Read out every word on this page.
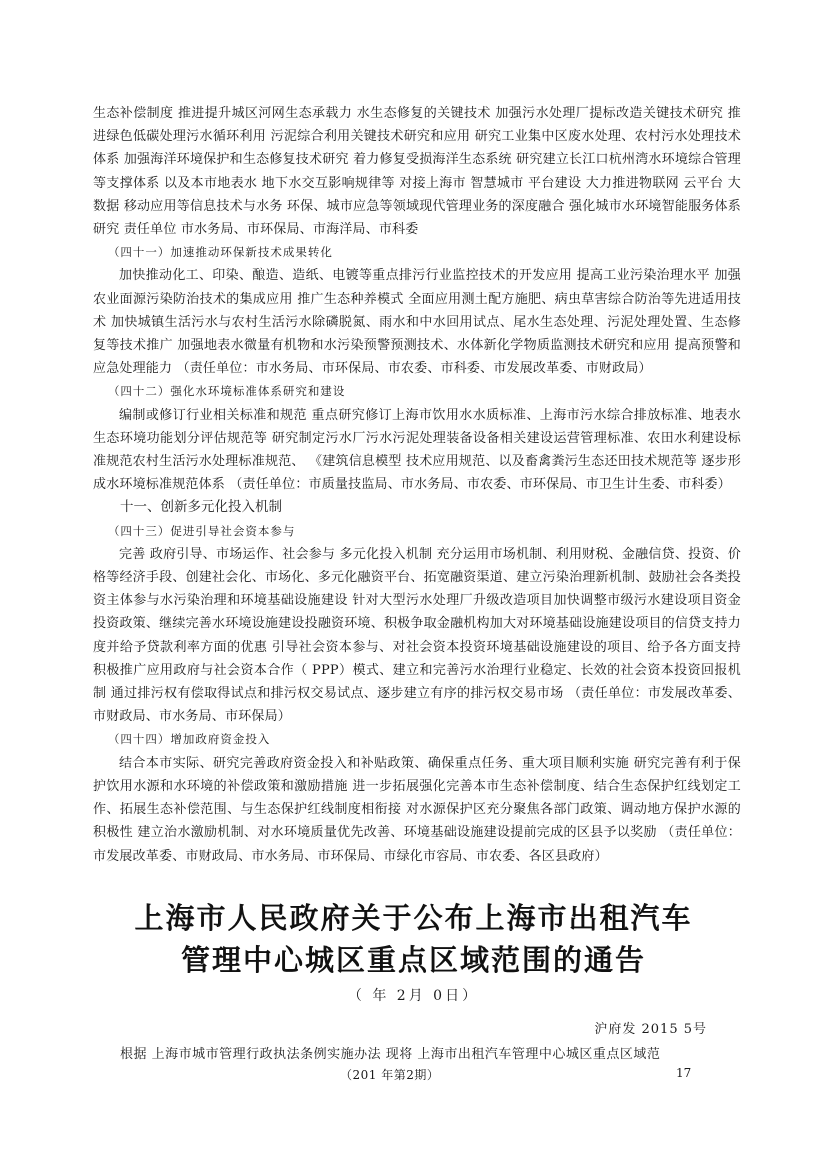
生态补偿制度 推进提升城区河网生态承载力 水生态修复的关键技术 加强污水处理厂提标改造关键技术研究 推进绿色低碳处理污水循环利用 污泥综合利用关键技术研究和应用 研究工业集中区废水处理、农村污水处理技术体系 加强海洋环境保护和生态修复技术研究 着力修复受损海洋生态系统 研究建立长江口杭州湾水环境综合管理等支撑体系 以及本市地表水 地下水交互影响规律等 对接上海市 智慧城市 平台建设 大力推进物联网 云平台 大数据 移动应用等信息技术与水务 环保、城市应急等领域现代管理业务的深度融合 强化城市水环境智能服务体系研究 责任单位 市水务局、市环保局、市海洋局、市科委

（四十一）加速推动环保新技术成果转化

加快推动化工、印染、酿造、造纸、电镀等重点排污行业监控技术的开发应用 提高工业污染治理水平 加强农业面源污染防治技术的集成应用 推广生态种养模式 全面应用测土配方施肥、病虫草害综合防治等先进适用技术 加快城镇生活污水与农村生活污水除磷脱氮、雨水和中水回用试点、尾水生态处理、污泥处理处置、生态修复等技术推广 加强地表水微量有机物和水污染预警预测技术、水体新化学物质监测技术研究和应用 提高预警和应急处理能力 （责任单位：市水务局、市环保局、市农委、市科委、市发展改革委、市财政局）

（四十二）强化水环境标准体系研究和建设

编制或修订行业相关标准和规范 重点研究修订上海市饮用水水质标准、上海市污水综合排放标准、地表水生态环境功能划分评估规范等 研究制定污水厂污水污泥处理装备设备相关建设运营管理标准、农田水利建设标准规范农村生活污水处理标准规范、 《建筑信息模型 技术应用规范、以及畜禽粪污生态还田技术规范等 逐步形成水环境标准规范体系 （责任单位：市质量技监局、市水务局、市农委、市环保局、市卫生计生委、市科委）

十一、创新多元化投入机制

（四十三）促进引导社会资本参与

完善 政府引导、市场运作、社会参与 多元化投入机制 充分运用市场机制、利用财税、金融信贷、投资、价格等经济手段、创建社会化、市场化、多元化融资平台、拓宽融资渠道、建立污染治理新机制、鼓励社会各类投资主体参与水污染治理和环境基础设施建设 针对大型污水处理厂升级改造项目加快调整市级污水建设项目资金投资政策、继续完善水环境设施建设投融资环境、积极争取金融机构加大对环境基础设施建设项目的信贷支持力度并给予贷款利率方面的优惠 引导社会资本参与、对社会资本投资环境基础设施建设的项目、给予各方面支持 积极推广应用政府与社会资本合作（ PPP）模式、建立和完善污水治理行业稳定、长效的社会资本投资回报机制 通过排污权有偿取得试点和排污权交易试点、逐步建立有序的排污权交易市场 （责任单位：市发展改革委、市财政局、市水务局、市环保局）

（四十四）增加政府资金投入

结合本市实际、研究完善政府资金投入和补贴政策、确保重点任务、重大项目顺利实施 研究完善有利于保护饮用水源和水环境的补偿政策和激励措施 进一步拓展强化完善本市生态补偿制度、结合生态保护红线划定工作、拓展生态补偿范围、与生态保护红线制度相衔接 对水源保护区充分聚焦各部门政策、调动地方保护水源的积极性 建立治水激励机制、对水环境质量优先改善、环境基础设施建设提前完成的区县予以奖励 （责任单位：市发展改革委、市财政局、市水务局、市环保局、市绿化市容局、市农委、各区县政府）

上海市人民政府关于公布上海市出租汽车
管理中心城区重点区域范围的通告
（ 年 2月 0日）
沪府发 2015 5号
根据 上海市城市管理行政执法条例实施办法 现将 上海市出租汽车管理中心城区重点区域范
（201 年第2期）	17
